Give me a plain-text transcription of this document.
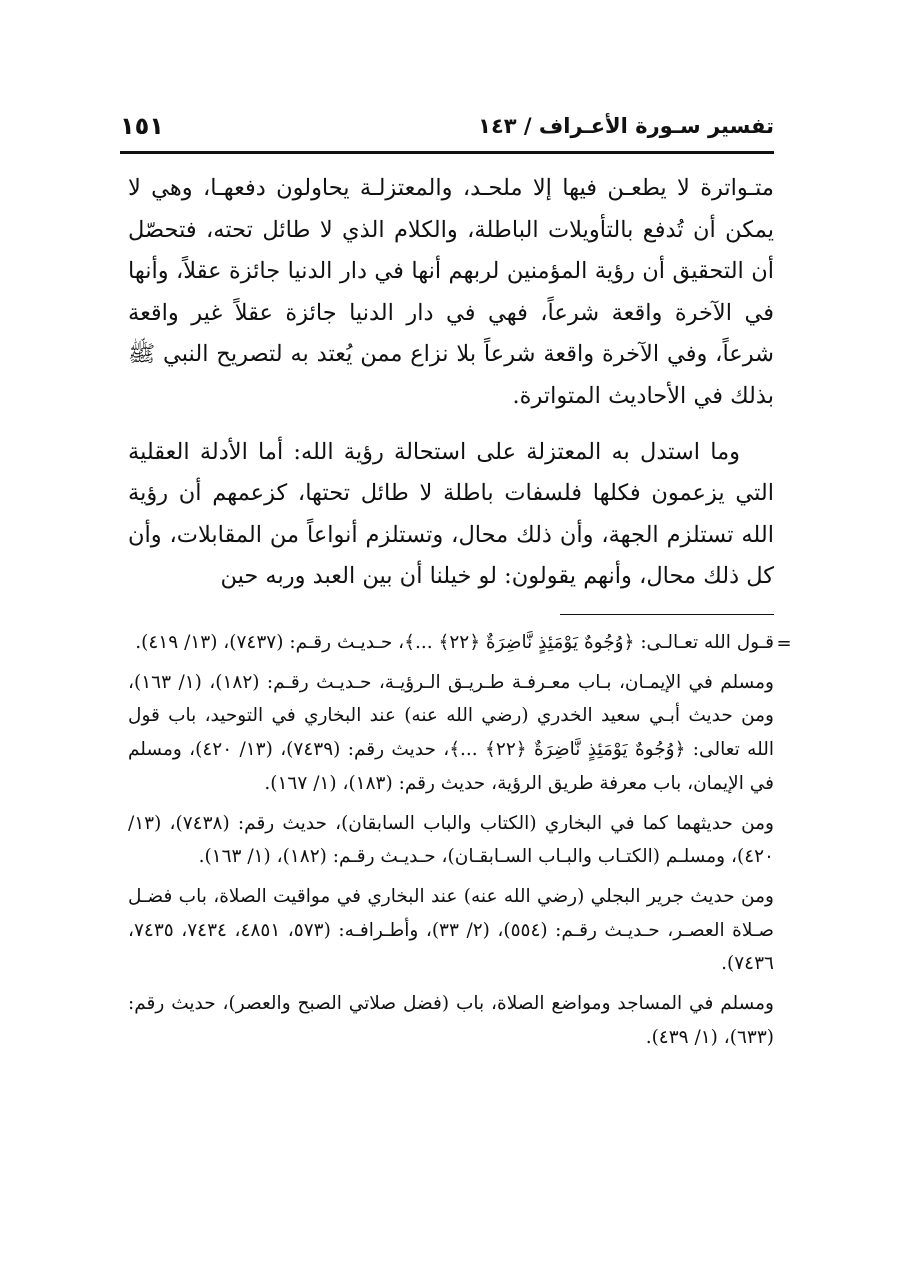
تفسير سـورة الأعـراف / ١٤٣
١٥١

متـواترة لا يطعـن فيها إلا ملحـد، والمعتزلـة يحاولون دفعهـا، وهي لا يمكن أن تُدفع بالتأويلات الباطلة، والكلام الذي لا طائل تحته، فتحصّل أن التحقيق أن رؤية المؤمنين لربهم أنها في دار الدنيا جائزة عقلاً، وأنها في الآخرة واقعة شرعاً، فهي في دار الدنيا جائزة عقلاً غير واقعة شرعاً، وفي الآخرة واقعة شرعاً بلا نزاع ممن يُعتد به لتصريح النبي ﷺ بذلك في الأحاديث المتواترة.

وما استدل به المعتزلة على استحالة رؤية الله: أما الأدلة العقلية التي يزعمون فكلها فلسفات باطلة لا طائل تحتها، كزعمهم أن رؤية الله تستلزم الجهة، وأن ذلك محال، وتستلزم أنواعاً من المقابلات، وأن كل ذلك محال، وأنهم يقولون: لو خيلنا أن بين العبد وربه حين

=

قـول الله تعـالـى: ﴿وُجُوهٌ يَوْمَئِذٍ نَّاضِرَةٌ ﴿٢٢﴾ ...﴾، حـديـث رقـم: (٧٤٣٧)، (١٣/ ٤١٩).

ومسلم في الإيمـان، بـاب معـرفـة طـريـق الـرؤيـة، حـديـث رقـم: (١٨٢)، (١/ ١٦٣)، ومن حديث أبـي سعيد الخدري (رضي الله عنه) عند البخاري في التوحيد، باب قول الله تعالى: ﴿وُجُوهٌ يَوْمَئِذٍ نَّاضِرَةٌ ﴿٢٢﴾ ...﴾، حديث رقم: (٧٤٣٩)، (١٣/ ٤٢٠)، ومسلم في الإيمان، باب معرفة طريق الرؤية، حديث رقم: (١٨٣)، (١/ ١٦٧).

ومن حديثهما كما في البخاري (الكتاب والباب السابقان)، حديث رقم: (٧٤٣٨)، (١٣/ ٤٢٠)، ومسلـم (الكتـاب والبـاب السـابقـان)، حـديـث رقـم: (١٨٢)، (١/ ١٦٣).

ومن حديث جرير البجلي (رضي الله عنه) عند البخاري في مواقيت الصلاة، باب فضـل صـلاة العصـر، حـديـث رقـم: (٥٥٤)، (٢/ ٣٣)، وأطـرافـه: (٥٧٣، ٤٨٥١، ٧٤٣٤، ٧٤٣٥، ٧٤٣٦).

ومسلم في المساجد ومواضع الصلاة، باب (فضل صلاتي الصبح والعصر)، حديث رقم: (٦٣٣)، (١/ ٤٣٩).
